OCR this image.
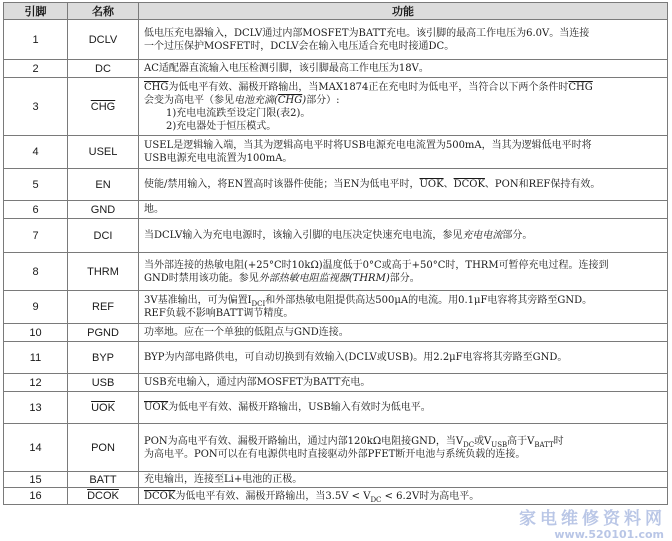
引脚	名称	功能
1	DCLV	低电压充电器输入，DCLV通过内部MOSFET为BATT充电。该引脚的最高工作电压为6.0V。当连接
一个过压保护MOSFET时，DCLV会在输入电压适合充电时接通DC。

2	DC	AC适配器直流输入电压检测引脚，该引脚最高工作电压为18V。

3	$\overline{CHG}$	$\overline{CHG}$为低电平有效、漏极开路输出，当MAX1874正在充电时为低电平，当符合以下两个条件时$\overline{CHG}$
会变为高电平（参见电池充滴$(\overline{CHG})$部分）:
1)充电电流跌至设定门限(表2)。
2)充电器处于恒压模式。

4	USEL	USEL是逻辑输入端，当其为逻辑高电平时将USB电源充电电流置为500mA，当其为逻辑低电平时将
USB电源充电电流置为100mA。

5	EN	使能/禁用输入，将EN置高时该器件使能；当EN为低电平时，$\overline{UOK}$、DCOK、PON和REF保持有效。

6	GND	地。

7	DCI	当DCLV输入为充电电源时，该输入引脚的电压决定快速充电电流，参见充电电流部分。

8	THRM	当外部连接的热敏电阻(+25°C时10kΩ)温度低于0°C或高于+50°C时，THRM可暂停充电过程。连接到
GND时禁用该功能。参见外部热敏电阻监视器(THRM)部分。

9	REF	3V基准输出，可为偏置$I_{DCI}$和外部热敏电阻提供高达500μA的电流。用0.1μF电容将其旁路至GND。
REF负载不影响BATT调节精度。

10	PGND	功率地。应在一个单独的低阻点与GND连接。

11	BYP	BYP为内部电路供电，可自动切换到有效输入(DCLV或USB)。用2.2μF电容将其旁路至GND。

12	USB	USB充电输入，通过内部MOSFET为BATT充电。

13	$\overline{UOK}$	$\overline{UOK}$为低电平有效、漏极开路输出，USB输入有效时为低电平。

14	PON	PON为高电平有效、漏极开路输出，通过内部120kΩ电阻接GND，当$V_{DC}$或$V_{USB}$高于$V_{BATT}$时
为高电平。PON可以在有电源供电时直接驱动外部PFET断开电池与系统负载的连接。

15	BATT	充电输出，连接至Li+电池的正极。

16	DCOK	DCOK为低电平有效、漏极开路输出，当$3.5V < V_{DC} < 6.2V$时为高电平。
家电维修资料网
www.520101.com
